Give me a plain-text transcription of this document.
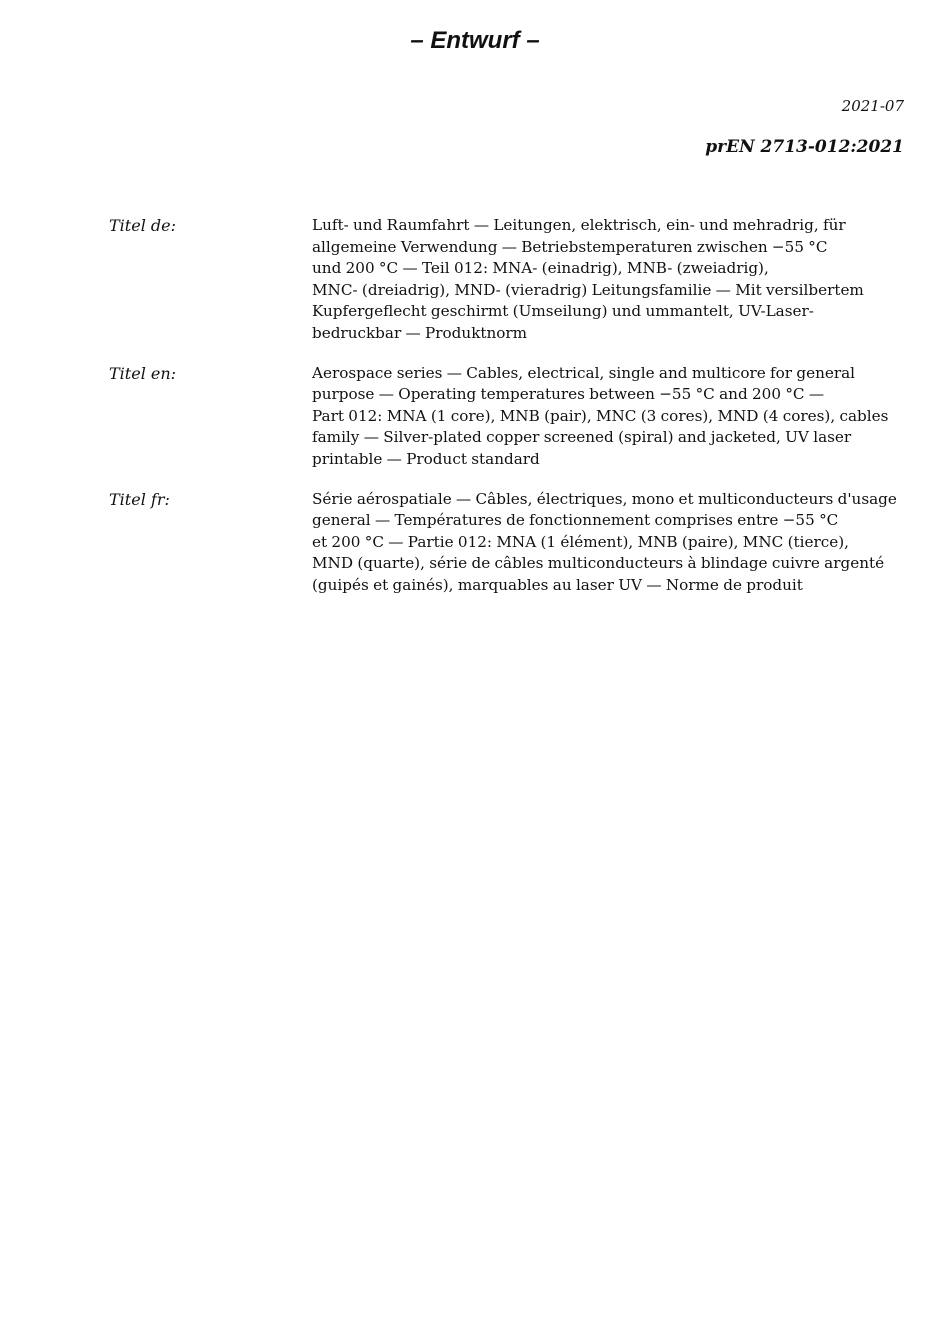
– Entwurf –
2021-07
prEN 2713-012:2021
Titel de:	Luft- und Raumfahrt — Leitungen, elektrisch, ein- und mehradrig, für
allgemeine Verwendung — Betriebstemperaturen zwischen −55 °C
und 200 °C — Teil 012: MNA- (einadrig), MNB- (zweiadrig),
MNC- (dreiadrig), MND- (vieradrig) Leitungsfamilie — Mit versilbertem
Kupfergeflecht geschirmt (Umseilung) und ummantelt, UV-Laser-
bedruckbar — Produktnorm
Titel en:	Aerospace series — Cables, electrical, single and multicore for general
purpose — Operating temperatures between −55 °C and 200 °C —
Part 012: MNA (1 core), MNB (pair), MNC (3 cores), MND (4 cores), cables
family — Silver-plated copper screened (spiral) and jacketed, UV laser
printable — Product standard
Titel fr:	Série aérospatiale — Câbles, électriques, mono et multiconducteurs d'usage
general — Températures de fonctionnement comprises entre −55 °C
et 200 °C — Partie 012: MNA (1 élément), MNB (paire), MNC (tierce),
MND (quarte), série de câbles multiconducteurs à blindage cuivre argenté
(guipés et gainés), marquables au laser UV — Norme de produit
